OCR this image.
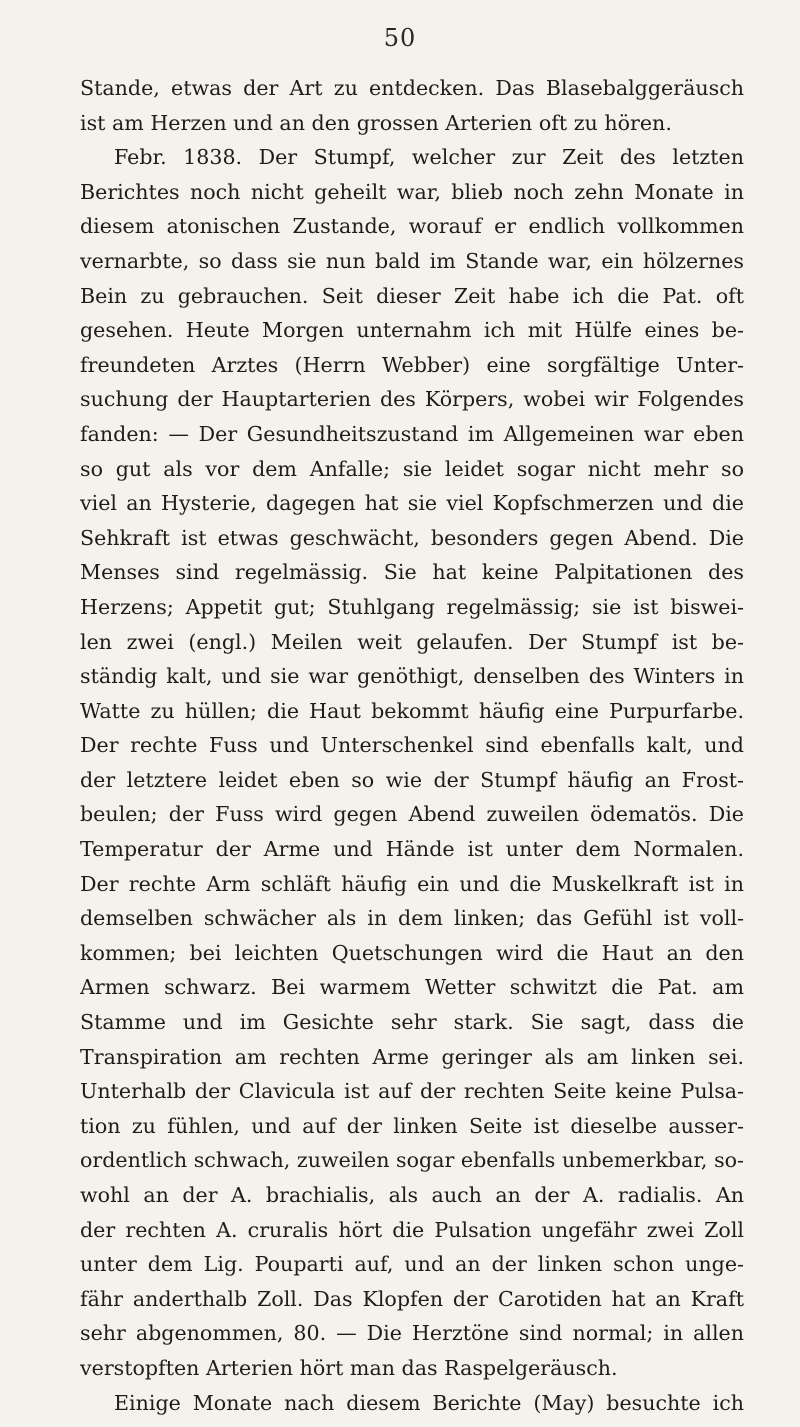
50
Stande, etwas der Art zu entdecken. Das Blasebalggeräusch
ist am Herzen und an den grossen Arterien oft zu hören.
Febr. 1838. Der Stumpf, welcher zur Zeit des letzten
Berichtes noch nicht geheilt war, blieb noch zehn Monate in
diesem atonischen Zustande, worauf er endlich vollkommen
vernarbte, so dass sie nun bald im Stande war, ein hölzernes
Bein zu gebrauchen. Seit dieser Zeit habe ich die Pat. oft
gesehen. Heute Morgen unternahm ich mit Hülfe eines be-
freundeten Arztes (Herrn Webber) eine sorgfältige Unter-
suchung der Hauptarterien des Körpers, wobei wir Folgendes
fanden: — Der Gesundheitszustand im Allgemeinen war eben
so gut als vor dem Anfalle; sie leidet sogar nicht mehr so
viel an Hysterie, dagegen hat sie viel Kopfschmerzen und die
Sehkraft ist etwas geschwächt, besonders gegen Abend. Die
Menses sind regelmässig. Sie hat keine Palpitationen des
Herzens; Appetit gut; Stuhlgang regelmässig; sie ist biswei-
len zwei (engl.) Meilen weit gelaufen. Der Stumpf ist be-
ständig kalt, und sie war genöthigt, denselben des Winters in
Watte zu hüllen; die Haut bekommt häufig eine Purpurfarbe.
Der rechte Fuss und Unterschenkel sind ebenfalls kalt, und
der letztere leidet eben so wie der Stumpf häufig an Frost-
beulen; der Fuss wird gegen Abend zuweilen ödematös. Die
Temperatur der Arme und Hände ist unter dem Normalen.
Der rechte Arm schläft häufig ein und die Muskelkraft ist in
demselben schwächer als in dem linken; das Gefühl ist voll-
kommen; bei leichten Quetschungen wird die Haut an den
Armen schwarz. Bei warmem Wetter schwitzt die Pat. am
Stamme und im Gesichte sehr stark. Sie sagt, dass die
Transpiration am rechten Arme geringer als am linken sei.
Unterhalb der Clavicula ist auf der rechten Seite keine Pulsa-
tion zu fühlen, und auf der linken Seite ist dieselbe ausser-
ordentlich schwach, zuweilen sogar ebenfalls unbemerkbar, so-
wohl an der A. brachialis, als auch an der A. radialis. An
der rechten A. cruralis hört die Pulsation ungefähr zwei Zoll
unter dem Lig. Pouparti auf, und an der linken schon unge-
fähr anderthalb Zoll. Das Klopfen der Carotiden hat an Kraft
sehr abgenommen, 80. — Die Herztöne sind normal; in allen
verstopften Arterien hört man das Raspelgeräusch.
Einige Monate nach diesem Berichte (May) besuchte ich
